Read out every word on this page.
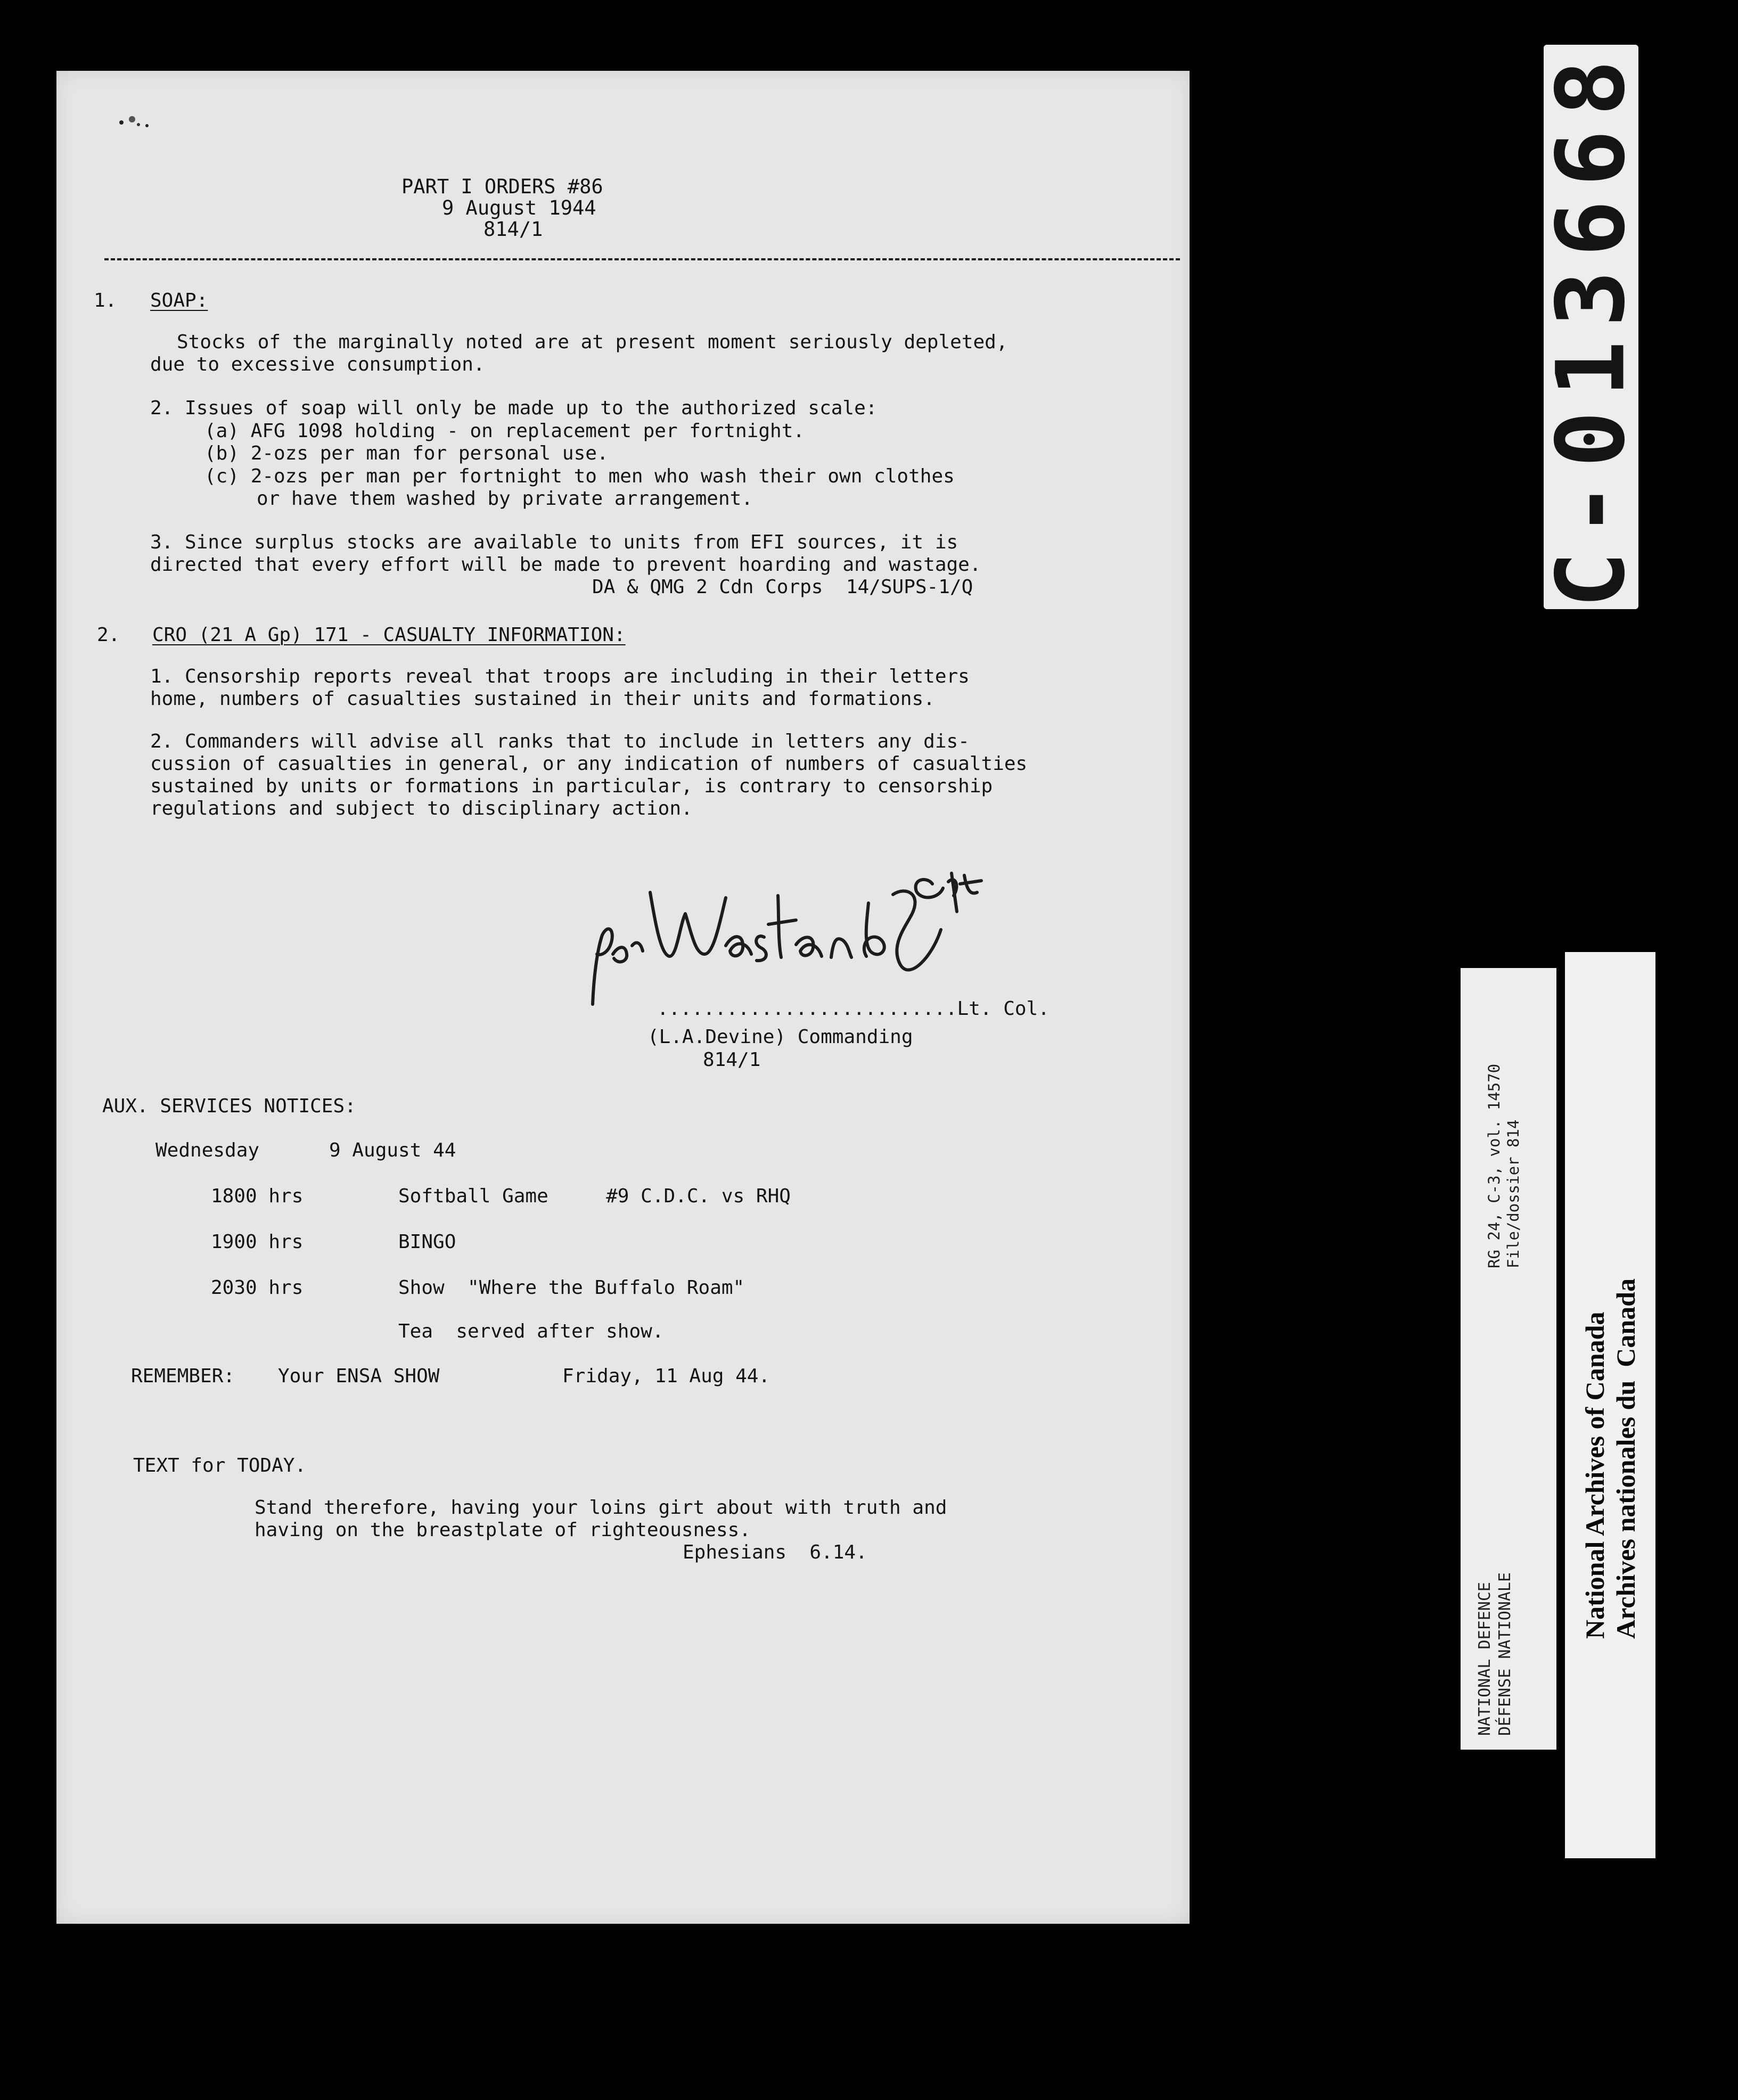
PART I ORDERS #86
9 August 1944
814/1
1. SOAP:
Stocks of the marginally noted are at present moment seriously depleted,
due to excessive consumption.
2. Issues of soap will only be made up to the authorized scale:
(a) AFG 1098 holding - on replacement per fortnight.
(b) 2-ozs per man for personal use.
(c) 2-ozs per man per fortnight to men who wash their own clothes
or have them washed by private arrangement.
3. Since surplus stocks are available to units from EFI sources, it is
directed that every effort will be made to prevent hoarding and wastage.
DA & QMG 2 Cdn Corps  14/SUPS-1/Q
2. CRO (21 A Gp) 171 - CASUALTY INFORMATION:
1. Censorship reports reveal that troops are including in their letters
home, numbers of casualties sustained in their units and formations.
2. Commanders will advise all ranks that to include in letters any dis-
cussion of casualties in general, or any indication of numbers of casualties
sustained by units or formations in particular, is contrary to censorship
regulations and subject to disciplinary action.
..........................Lt. Col.
(L.A.Devine) Commanding
814/1
AUX. SERVICES NOTICES:
Wednesday	9 August 44
1800 hrs	Softball Game     #9 C.D.C. vs RHQ
1900 hrs	BINGO
2030 hrs	Show  "Where the Buffalo Roam"
Tea  served after show.
REMEMBER: Your ENSA SHOW	Friday, 11 Aug 44.
TEXT for TODAY.
Stand therefore, having your loins girt about with truth and
having on the breastplate of righteousness.
Ephesians  6.14.
C-013668
RG 24, C-3, vol. 14570 File/dossier 814
NATIONAL DEFENCE DÉFENSE NATIONALE
National Archives of Canada Archives nationales du  Canada
